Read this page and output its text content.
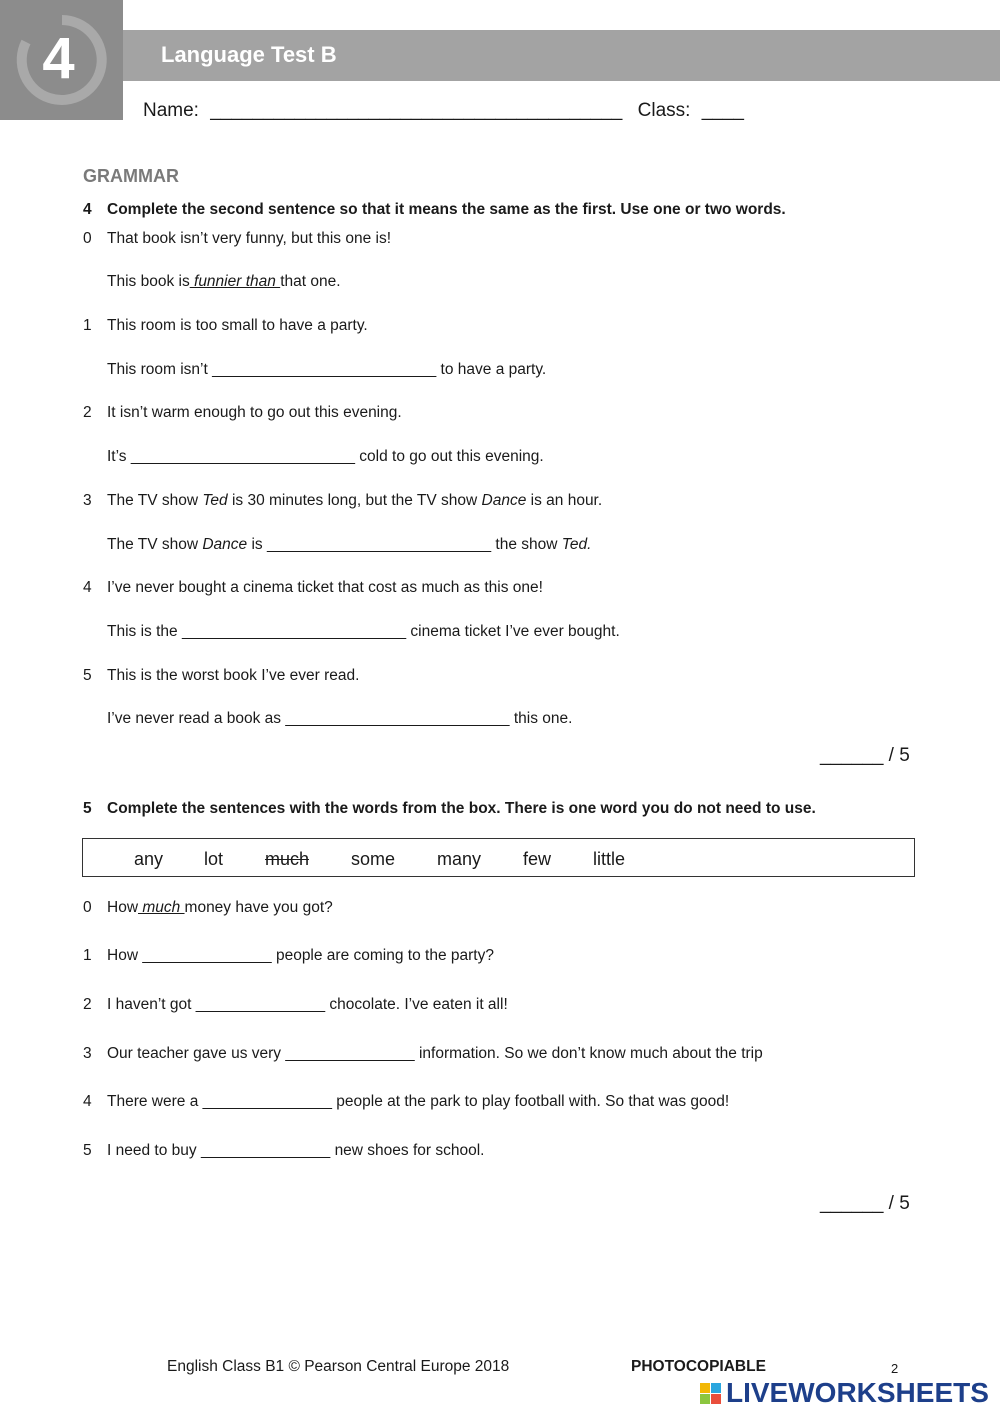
4	Language Test B
Name: _______________________________________ Class: ____
GRAMMAR
4 Complete the second sentence so that it means the same as the first. Use one or two words.
0 That book isn’t very funny, but this one is!
This book is funnier than that one.
1 This room is too small to have a party.
This room isn’t __________________________ to have a party.
2 It isn’t warm enough to go out this evening.
It’s __________________________ cold to go out this evening.
3 The TV show Ted is 30 minutes long, but the TV show Dance is an hour.
The TV show Dance is __________________________ the show Ted.
4 I’ve never bought a cinema ticket that cost as much as this one!
This is the __________________________ cinema ticket I’ve ever bought.
5 This is the worst book I’ve ever read.
I’ve never read a book as __________________________ this one.
______ / 5
5 Complete the sentences with the words from the box. There is one word you do not need to use.
any lot much some many few little
0 How much money have you got?
1 How _______________ people are coming to the party?
2 I haven’t got _______________ chocolate. I’ve eaten it all!
3 Our teacher gave us very _______________ information. So we don’t know much about the trip
4 There were a _______________ people at the park to play football with. So that was good!
5 I need to buy _______________ new shoes for school.
______ / 5
English Class B1 © Pearson Central Europe 2018	PHOTOCOPIABLE	2
LIVEWORKSHEETS
